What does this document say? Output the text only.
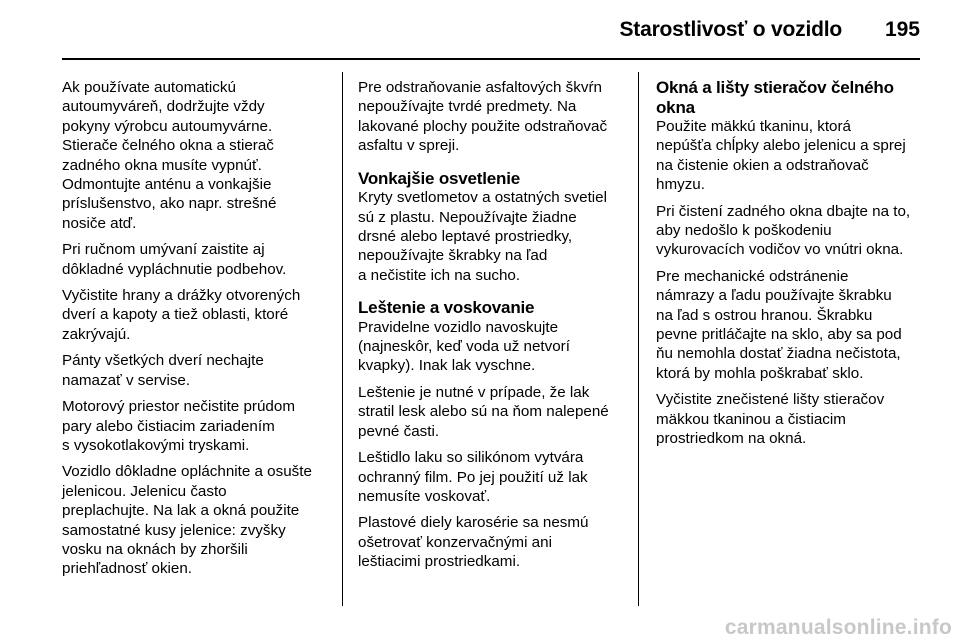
Starostlivosť o vozidlo 195

Ak používate automatickú
autoumyváreň, dodržujte vždy
pokyny výrobcu autoumyvárne.
Stierače čelného okna a stierač
zadného okna musíte vypnúť.
Odmontujte anténu a vonkajšie
príslušenstvo, ako napr. strešné
nosiče atď.

Pri ručnom umývaní zaistite aj
dôkladné vypláchnutie podbehov.

Vyčistite hrany a drážky otvorených
dverí a kapoty a tiež oblasti, ktoré
zakrývajú.

Pánty všetkých dverí nechajte
namazať v servise.

Motorový priestor nečistite prúdom
pary alebo čistiacim zariadením
s vysokotlakovými tryskami.

Vozidlo dôkladne opláchnite a osušte
jelenicou. Jelenicu často
preplachujte. Na lak a okná použite
samostatné kusy jelenice: zvyšky
vosku na oknách by zhoršili
priehľadnosť okien.

Pre odstraňovanie asfaltových škvŕn
nepoužívajte tvrdé predmety. Na
lakované plochy použite odstraňovač
asfaltu v spreji.

Vonkajšie osvetlenie

Kryty svetlometov a ostatných svetiel
sú z plastu. Nepoužívajte žiadne
drsné alebo leptavé prostriedky,
nepoužívajte škrabky na ľad
a nečistite ich na sucho.

Leštenie a voskovanie

Pravidelne vozidlo navoskujte
(najneskôr, keď voda už netvorí
kvapky). Inak lak vyschne.

Leštenie je nutné v prípade, že lak
stratil lesk alebo sú na ňom nalepené
pevné časti.

Leštidlo laku so silikónom vytvára
ochranný film. Po jej použití už lak
nemusíte voskovať.

Plastové diely karosérie sa nesmú
ošetrovať konzervačnými ani
leštiacimi prostriedkami.

Okná a lišty stieračov čelného
okna

Použite mäkkú tkaninu, ktorá
nepúšťa chĺpky alebo jelenicu a sprej
na čistenie okien a odstraňovač
hmyzu.

Pri čistení zadného okna dbajte na to,
aby nedošlo k poškodeniu
vykurovacích vodičov vo vnútri okna.

Pre mechanické odstránenie
námrazy a ľadu používajte škrabku
na ľad s ostrou hranou. Škrabku
pevne pritláčajte na sklo, aby sa pod
ňu nemohla dostať žiadna nečistota,
ktorá by mohla poškrabať sklo.

Vyčistite znečistené lišty stieračov
mäkkou tkaninou a čistiacim
prostriedkom na okná.

carmanualsonline.info
